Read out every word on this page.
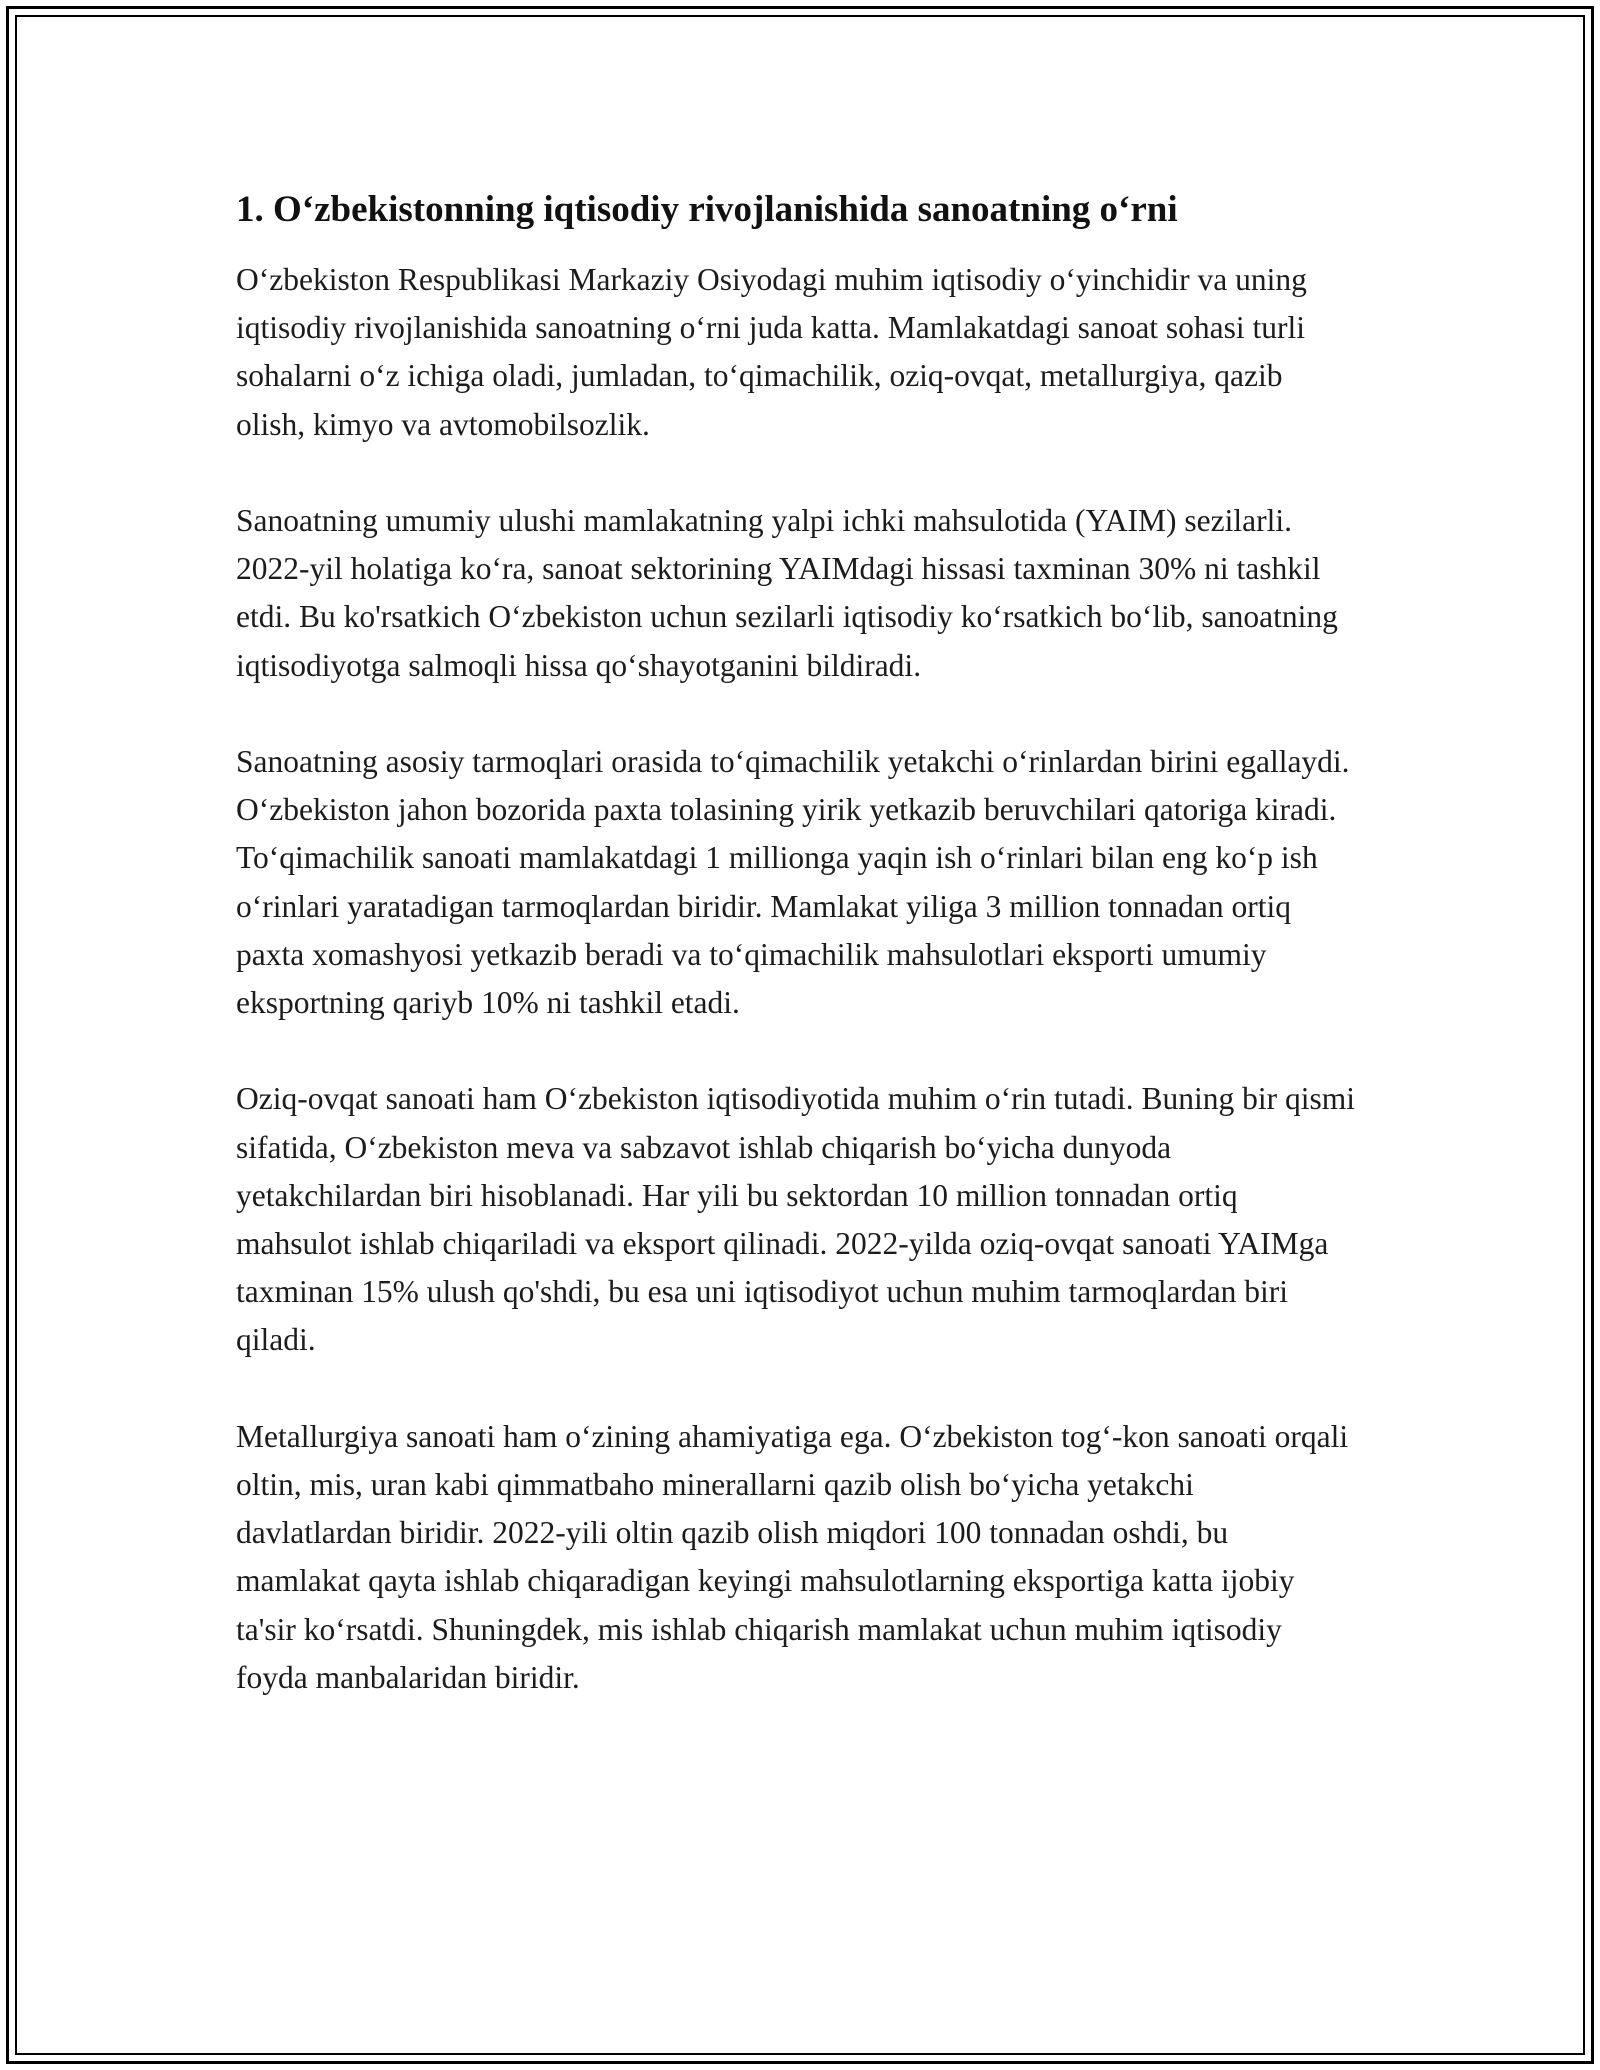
1. O‘zbekistonning iqtisodiy rivojlanishida sanoatning o‘rni

O‘zbekiston Respublikasi Markaziy Osiyodagi muhim iqtisodiy o‘yinchidir va uning iqtisodiy rivojlanishida sanoatning o‘rni juda katta. Mamlakatdagi sanoat sohasi turli sohalarni o‘z ichiga oladi, jumladan, to‘qimachilik, oziq-ovqat, metallurgiya, qazib olish, kimyo va avtomobilsozlik.

Sanoatning umumiy ulushi mamlakatning yalpi ichki mahsulotida (YAIM) sezilarli. 2022-yil holatiga ko‘ra, sanoat sektorining YAIMdagi hissasi taxminan 30% ni tashkil etdi. Bu ko'rsatkich O‘zbekiston uchun sezilarli iqtisodiy ko‘rsatkich bo‘lib, sanoatning iqtisodiyotga salmoqli hissa qo‘shayotganini bildiradi.

Sanoatning asosiy tarmoqlari orasida to‘qimachilik yetakchi o‘rinlardan birini egallaydi. O‘zbekiston jahon bozorida paxta tolasining yirik yetkazib beruvchilari qatoriga kiradi. To‘qimachilik sanoati mamlakatdagi 1 millionga yaqin ish o‘rinlari bilan eng ko‘p ish o‘rinlari yaratadigan tarmoqlardan biridir. Mamlakat yiliga 3 million tonnadan ortiq paxta xomashyosi yetkazib beradi va to‘qimachilik mahsulotlari eksporti umumiy eksportning qariyb 10% ni tashkil etadi.

Oziq-ovqat sanoati ham O‘zbekiston iqtisodiyotida muhim o‘rin tutadi. Buning bir qismi sifatida, O‘zbekiston meva va sabzavot ishlab chiqarish bo‘yicha dunyoda yetakchilardan biri hisoblanadi. Har yili bu sektordan 10 million tonnadan ortiq mahsulot ishlab chiqariladi va eksport qilinadi. 2022-yilda oziq-ovqat sanoati YAIMga taxminan 15% ulush qo'shdi, bu esa uni iqtisodiyot uchun muhim tarmoqlardan biri qiladi.

Metallurgiya sanoati ham o‘zining ahamiyatiga ega. O‘zbekiston tog‘-kon sanoati orqali oltin, mis, uran kabi qimmatbaho minerallarni qazib olish bo‘yicha yetakchi davlatlardan biridir. 2022-yili oltin qazib olish miqdori 100 tonnadan oshdi, bu mamlakat qayta ishlab chiqaradigan keyingi mahsulotlarning eksportiga katta ijobiy ta'sir ko‘rsatdi. Shuningdek, mis ishlab chiqarish mamlakat uchun muhim iqtisodiy foyda manbalaridan biridir.
